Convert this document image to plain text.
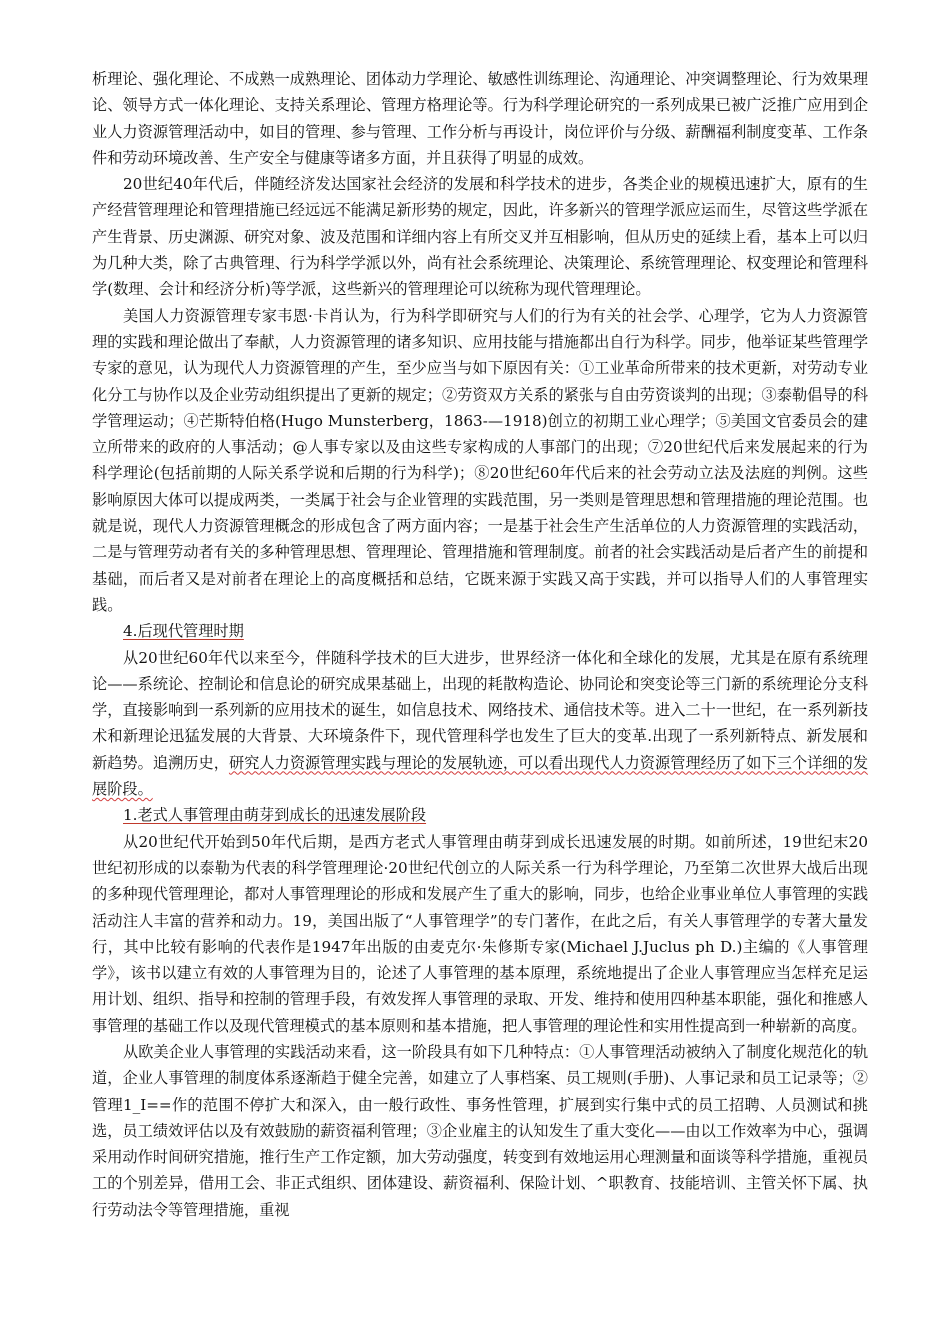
析理论、强化理论、不成熟一成熟理论、团体动力学理论、敏感性训练理论、沟通理论、冲突调整理论、行为效果理论、领导方式一体化理论、支持关系理论、管理方格理论等。行为科学理论研究的一系列成果已被广泛推广应用到企业人力资源管理活动中，如目的管理、参与管理、工作分析与再设计，岗位评价与分级、薪酬福利制度变革、工作条件和劳动环境改善、生产安全与健康等诸多方面，并且获得了明显的成效。

20世纪40年代后，伴随经济发达国家社会经济的发展和科学技术的进步，各类企业的规模迅速扩大，原有的生产经营管理理论和管理措施已经远远不能满足新形势的规定，因此，许多新兴的管理学派应运而生，尽管这些学派在产生背景、历史渊源、研究对象、波及范围和详细内容上有所交叉并互相影响，但从历史的延续上看，基本上可以归为几种大类，除了古典管理、行为科学学派以外，尚有社会系统理论、决策理论、系统管理理论、权变理论和管理科学(数理、会计和经济分析)等学派，这些新兴的管理理论可以统称为现代管理理论。

美国人力资源管理专家韦恩·卡肖认为，行为科学即研究与人们的行为有关的社会学、心理学，它为人力资源管理的实践和理论做出了奉献，人力资源管理的诸多知识、应用技能与措施都出自行为科学。同步，他举证某些管理学专家的意见，认为现代人力资源管理的产生，至少应当与如下原因有关：①工业革命所带来的技术更新，对劳动专业化分工与协作以及企业劳动组织提出了更新的规定；②劳资双方关系的紧张与自由劳资谈判的出现；③泰勒倡导的科学管理运动；④芒斯特伯格(Hugo Munsterberg，1863-—1918)创立的初期工业心理学；⑤美国文官委员会的建立所带来的政府的人事活动；@人事专家以及由这些专家构成的人事部门的出现；⑦20世纪代后来发展起来的行为科学理论(包括前期的人际关系学说和后期的行为科学)；⑧20世纪60年代后来的社会劳动立法及法庭的判例。这些影响原因大体可以提成两类，一类属于社会与企业管理的实践范围，另一类则是管理思想和管理措施的理论范围。也就是说，现代人力资源管理概念的形成包含了两方面内容；一是基于社会生产生活单位的人力资源管理的实践活动，二是与管理劳动者有关的多种管理思想、管理理论、管理措施和管理制度。前者的社会实践活动是后者产生的前提和基础，而后者又是对前者在理论上的高度概括和总结，它既来源于实践又高于实践，并可以指导人们的人事管理实践。

4.后现代管理时期

从20世纪60年代以来至今，伴随科学技术的巨大进步，世界经济一体化和全球化的发展，尤其是在原有系统理论——系统论、控制论和信息论的研究成果基础上，出现的耗散构造论、协同论和突变论等三门新的系统理论分支科学，直接影响到一系列新的应用技术的诞生，如信息技术、网络技术、通信技术等。进入二十一世纪，在一系列新技术和新理论迅猛发展的大背景、大环境条件下，现代管理科学也发生了巨大的变革.出现了一系列新特点、新发展和新趋势。追溯历史，研究人力资源管理实践与理论的发展轨迹，可以看出现代人力资源管理经历了如下三个详细的发展阶段。

1.老式人事管理由萌芽到成长的迅速发展阶段

从20世纪代开始到50年代后期，是西方老式人事管理由萌芽到成长迅速发展的时期。如前所述，19世纪末20世纪初形成的以泰勒为代表的科学管理理论·20世纪代创立的人际关系一行为科学理论，乃至第二次世界大战后出现的多种现代管理理论，都对人事管理理论的形成和发展产生了重大的影响，同步，也给企业事业单位人事管理的实践活动注人丰富的营养和动力。19，美国出版了“人事管理学”的专门著作，在此之后，有关人事管理学的专著大量发行，其中比较有影响的代表作是1947年出版的由麦克尔·朱修斯专家(Michael J.Juclus ph D.)主编的《人事管理学》，该书以建立有效的人事管理为目的，论述了人事管理的基本原理，系统地提出了企业人事管理应当怎样充足运用计划、组织、指导和控制的管理手段，有效发挥人事管理的录取、开发、维持和使用四种基本职能，强化和推感人事管理的基础工作以及现代管理模式的基本原则和基本措施，把人事管理的理论性和实用性提高到一种崭新的高度。

从欧美企业人事管理的实践活动来看，这一阶段具有如下几种特点：①人事管理活动被纳入了制度化规范化的轨道，企业人事管理的制度体系逐渐趋于健全完善，如建立了人事档案、员工规则(手册)、人事记录和员工记录等；②管理1_I==作的范围不停扩大和深入，由一般行政性、事务性管理，扩展到实行集中式的员工招聘、人员测试和挑选，员工绩效评估以及有效鼓励的薪资福利管理；③企业雇主的认知发生了重大变化——由以工作效率为中心，强调采用动作时间研究措施，推行生产工作定额，加大劳动强度，转变到有效地运用心理测量和面谈等科学措施，重视员工的个别差异，借用工会、非正式组织、团体建设、薪资福利、保险计划、^职教育、技能培训、主管关怀下属、执行劳动法令等管理措施，重视
